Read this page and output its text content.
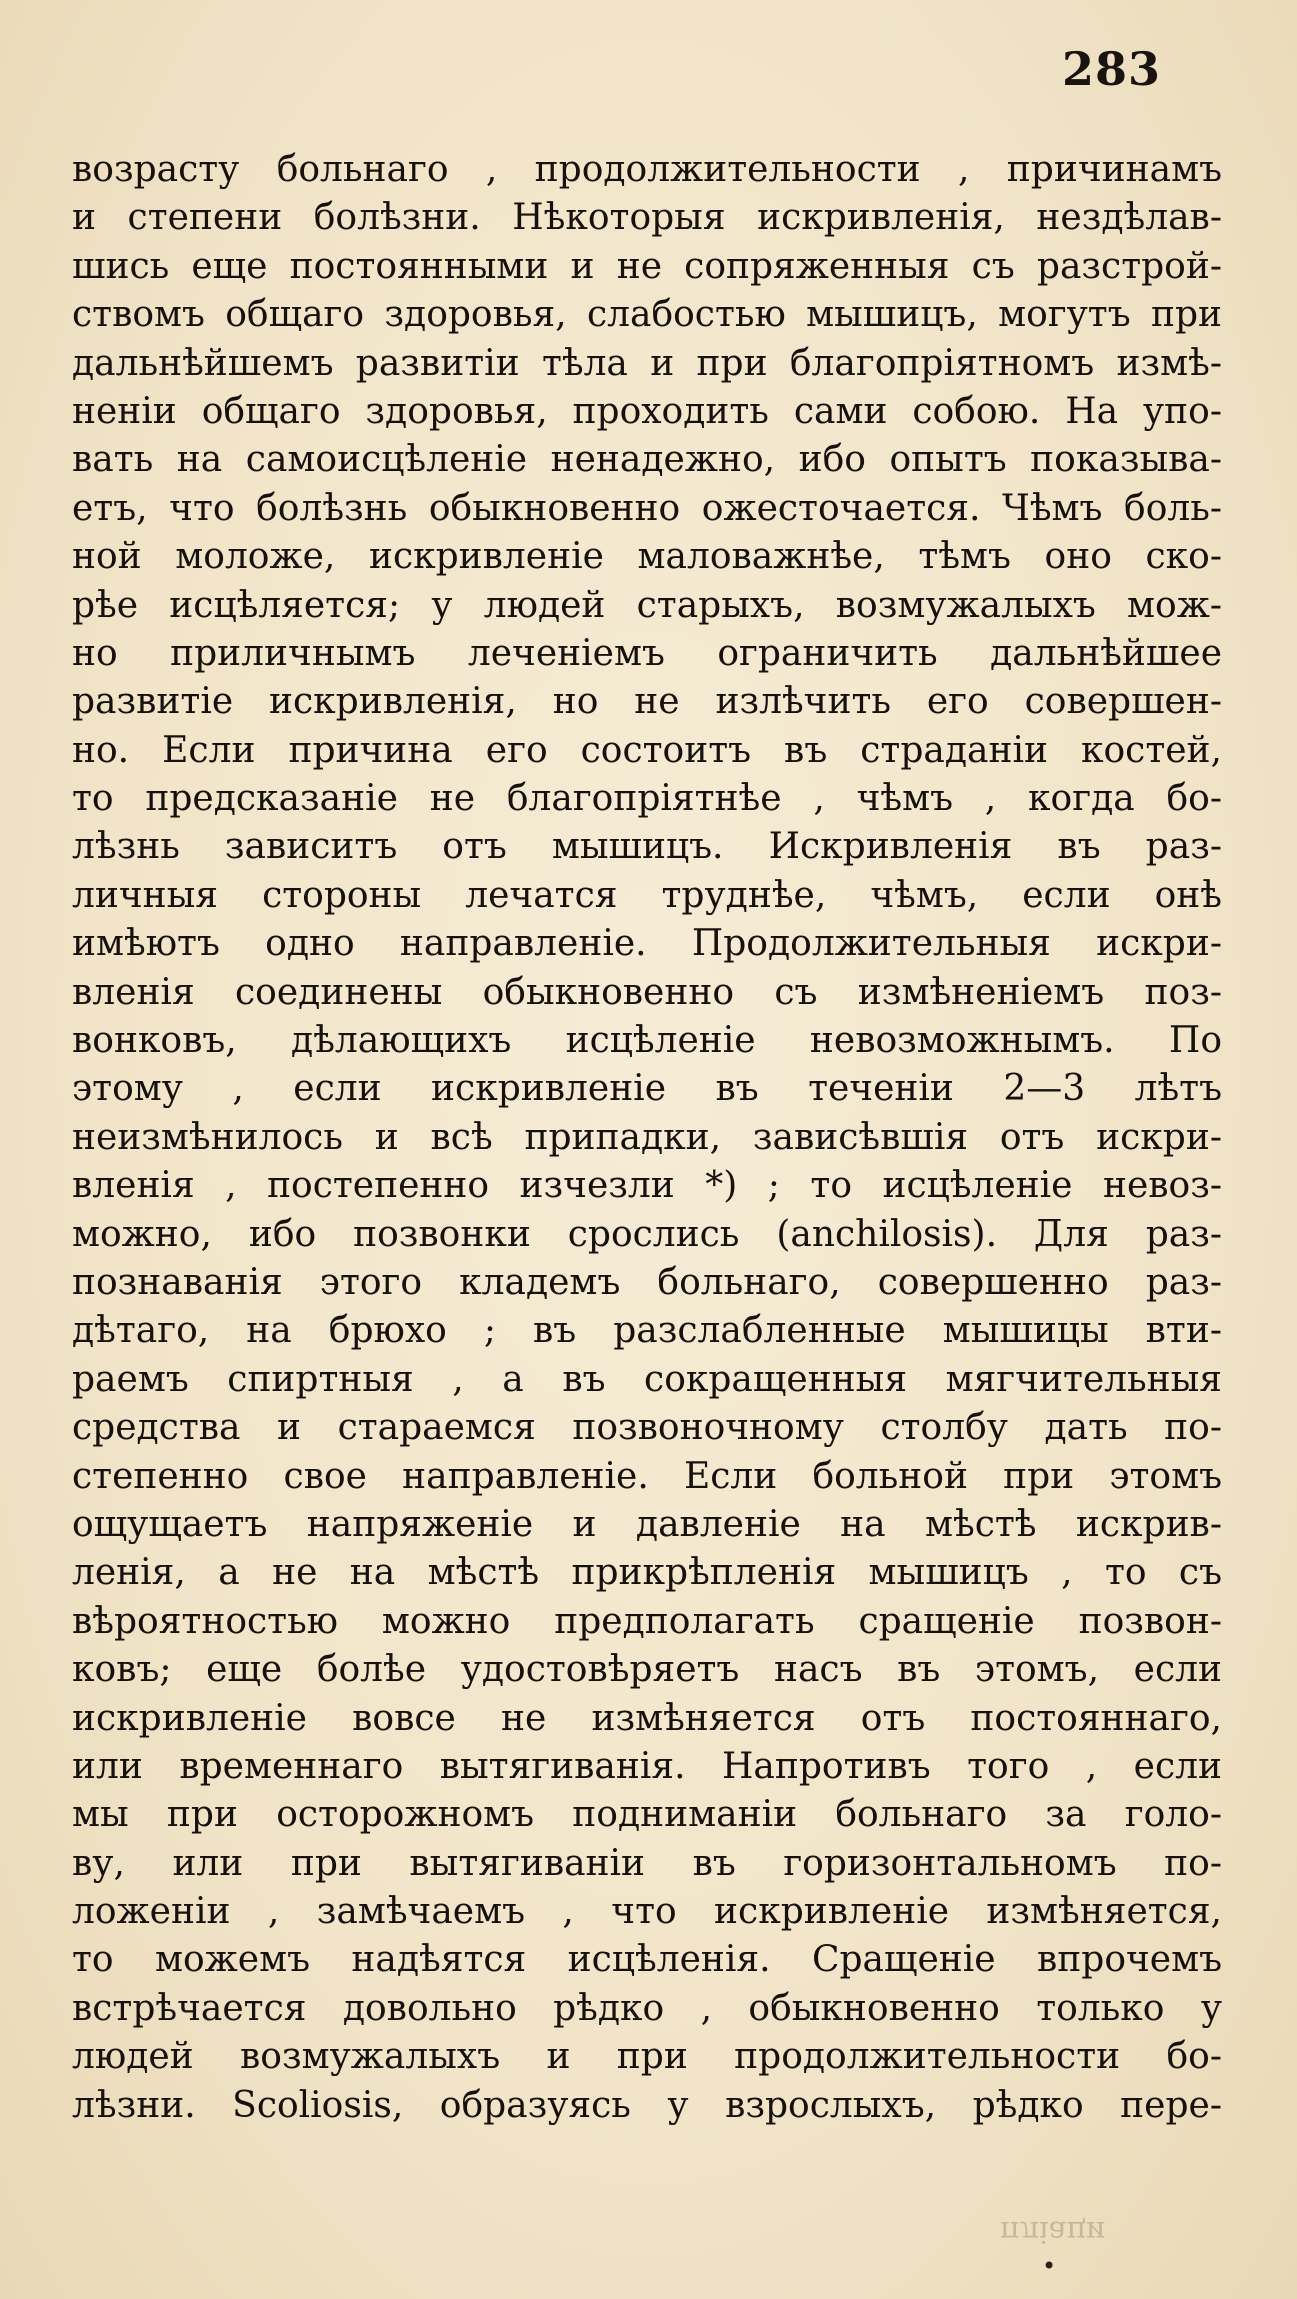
283
возрасту больнаго , продолжительности , причинамъ
и степени болѣзни. Нѣкоторыя искривленія, нездѣлав-
шись еще постоянными и не сопряженныя съ разстрой-
ствомъ общаго здоровья, слабостью мышицъ, могутъ при
дальнѣйшемъ развитіи тѣла и при благопріятномъ измѣ-
неніи общаго здоровья, проходить сами собою. На упо-
вать на самоисцѣленіе ненадежно, ибо опытъ показыва-
етъ, что болѣзнь обыкновенно ожесточается. Чѣмъ боль-
ной моложе, искривленіе маловажнѣе, тѣмъ оно ско-
рѣе исцѣляется; у людей старыхъ, возмужалыхъ мож-
но приличнымъ леченіемъ ограничить дальнѣйшее
развитіе искривленія, но не излѣчить его совершен-
но. Если причина его состоитъ въ страданіи костей,
то предсказаніе не благопріятнѣе , чѣмъ , когда бо-
лѣзнь зависитъ отъ мышицъ. Искривленія въ раз-
личныя стороны лечатся труднѣе, чѣмъ, если онѣ
имѣютъ одно направленіе. Продолжительныя искри-
вленія соединены обыкновенно съ измѣненіемъ поз-
вонковъ, дѣлающихъ исцѣленіе невозможнымъ. По
этому , если искривленіе въ теченіи 2—3 лѣтъ
неизмѣнилось и всѣ припадки, зависѣвшія отъ искри-
вленія , постепенно изчезли *) ; то исцѣленіе невоз-
можно, ибо позвонки срослись (anchilosis). Для раз-
познаванія этого кладемъ больнаго, совершенно раз-
дѣтаго, на брюхо ; въ разслабленные мышицы вти-
раемъ спиртныя , а въ сокращенныя мягчительныя
средства и стараемся позвоночному столбу дать по-
степенно свое направленіе. Если больной при этомъ
ощущаетъ напряженіе и давленіе на мѣстѣ искрив-
ленія, а не на мѣстѣ прикрѣпленія мышицъ , то съ
вѣроятностью можно предполагать сращеніе позвон-
ковъ; еще болѣе удостовѣряетъ насъ въ этомъ, если
искривленіе вовсе не измѣняется отъ постояннаго,
или временнаго вытягиванія. Напротивъ того , если
мы при осторожномъ подниманіи больнаго за голо-
ву, или при вытягиваніи въ горизонтальномъ по-
ложеніи , замѣчаемъ , что искривленіе измѣняется,
то можемъ надѣятся исцѣленія. Сращеніе впрочемъ
встрѣчается довольно рѣдко , обыкновенно только у
людей возмужалыхъ и при продолжительности бо-
лѣзни. Scoliosis, образуясь у взрослыхъ, рѣдко пере-
пліаци
•
